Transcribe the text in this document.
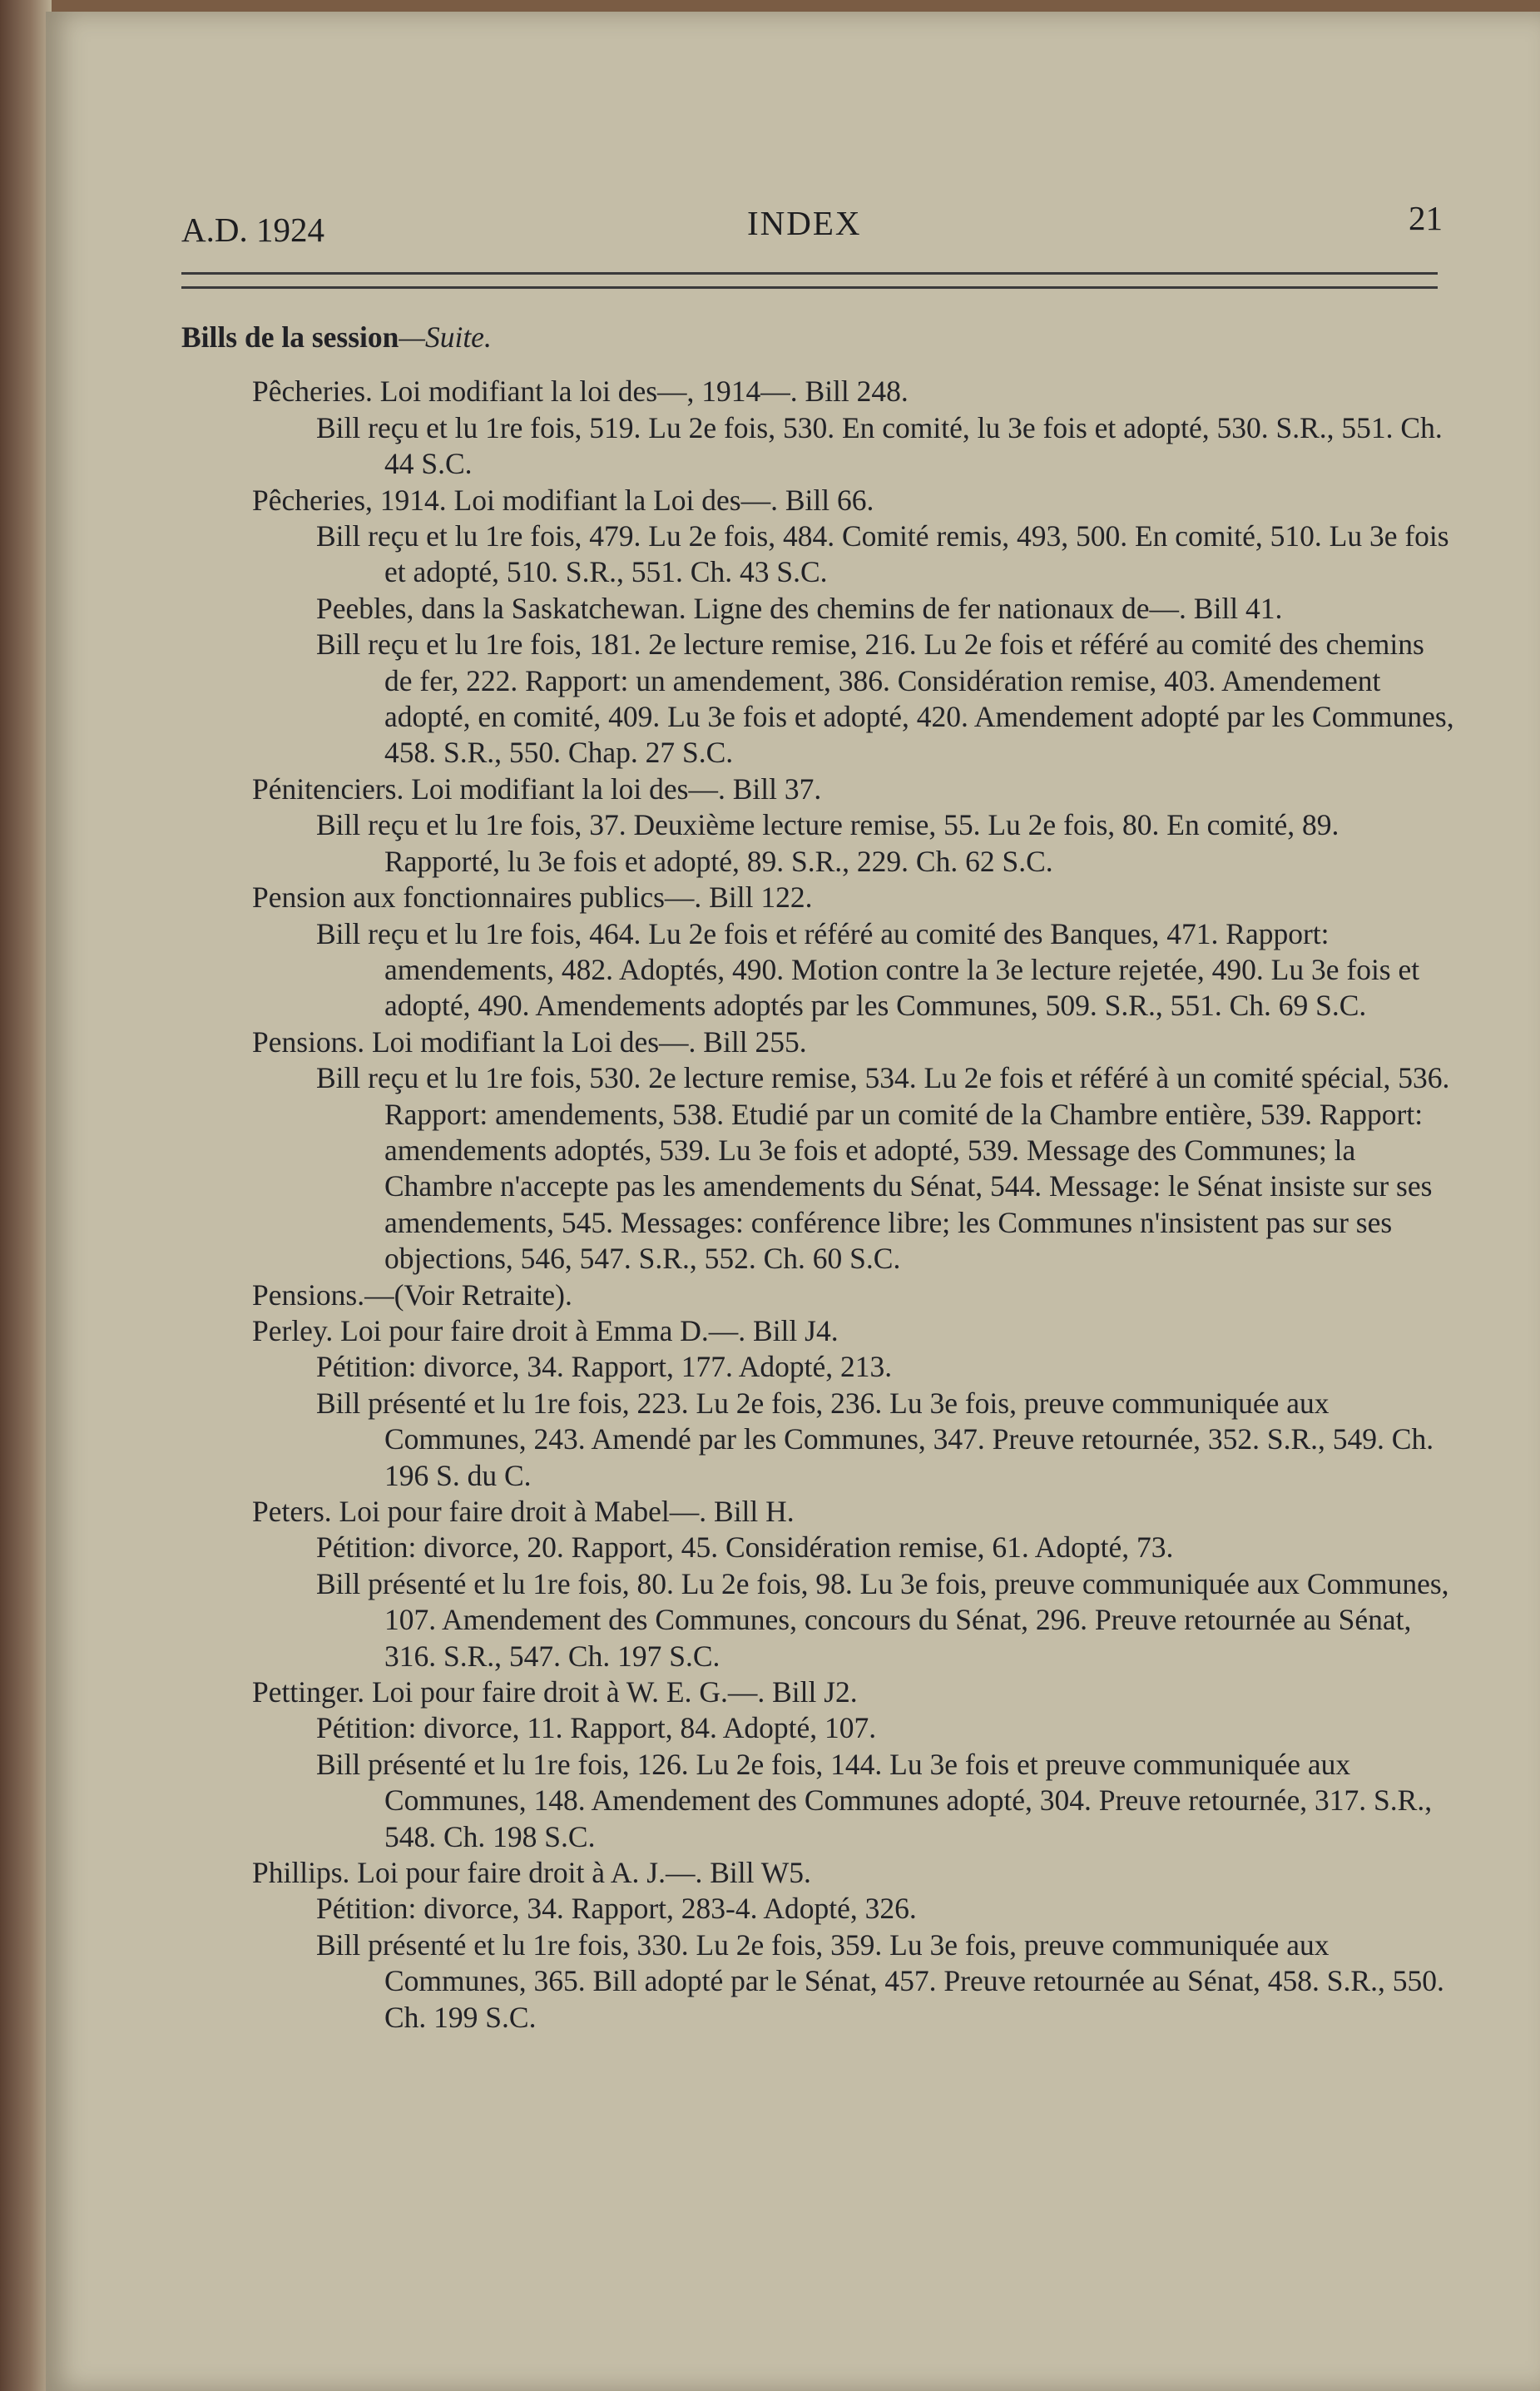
A.D. 1924	INDEX	21
Bills de la session—Suite.
Pêcheries. Loi modifiant la loi des—, 1914—. Bill 248.
Bill reçu et lu 1re fois, 519. Lu 2e fois, 530. En comité, lu 3e fois et adopté, 530. S.R., 551. Ch. 44 S.C.
Pêcheries, 1914. Loi modifiant la Loi des—. Bill 66.
Bill reçu et lu 1re fois, 479. Lu 2e fois, 484. Comité remis, 493, 500. En comité, 510. Lu 3e fois et adopté, 510. S.R., 551. Ch. 43 S.C.
Peebles, dans la Saskatchewan. Ligne des chemins de fer nationaux de—. Bill 41.
Bill reçu et lu 1re fois, 181. 2e lecture remise, 216. Lu 2e fois et référé au comité des chemins de fer, 222. Rapport: un amendement, 386. Considération remise, 403. Amendement adopté, en comité, 409. Lu 3e fois et adopté, 420. Amendement adopté par les Communes, 458. S.R., 550. Chap. 27 S.C.
Pénitenciers. Loi modifiant la loi des—. Bill 37.
Bill reçu et lu 1re fois, 37. Deuxième lecture remise, 55. Lu 2e fois, 80. En comité, 89. Rapporté, lu 3e fois et adopté, 89. S.R., 229. Ch. 62 S.C.
Pension aux fonctionnaires publics—. Bill 122.
Bill reçu et lu 1re fois, 464. Lu 2e fois et référé au comité des Banques, 471. Rapport: amendements, 482. Adoptés, 490. Motion contre la 3e lecture rejetée, 490. Lu 3e fois et adopté, 490. Amendements adoptés par les Communes, 509. S.R., 551. Ch. 69 S.C.
Pensions. Loi modifiant la Loi des—. Bill 255.
Bill reçu et lu 1re fois, 530. 2e lecture remise, 534. Lu 2e fois et référé à un comité spécial, 536. Rapport: amendements, 538. Etudié par un comité de la Chambre entière, 539. Rapport: amendements adoptés, 539. Lu 3e fois et adopté, 539. Message des Communes; la Chambre n'accepte pas les amendements du Sénat, 544. Message: le Sénat insiste sur ses amendements, 545. Messages: conférence libre; les Communes n'insistent pas sur ses objections, 546, 547. S.R., 552. Ch. 60 S.C.
Pensions.—(Voir Retraite).
Perley. Loi pour faire droit à Emma D.—. Bill J4.
Pétition: divorce, 34. Rapport, 177. Adopté, 213.
Bill présenté et lu 1re fois, 223. Lu 2e fois, 236. Lu 3e fois, preuve communiquée aux Communes, 243. Amendé par les Communes, 347. Preuve retournée, 352. S.R., 549. Ch. 196 S. du C.
Peters. Loi pour faire droit à Mabel—. Bill H.
Pétition: divorce, 20. Rapport, 45. Considération remise, 61. Adopté, 73.
Bill présenté et lu 1re fois, 80. Lu 2e fois, 98. Lu 3e fois, preuve communiquée aux Communes, 107. Amendement des Communes, concours du Sénat, 296. Preuve retournée au Sénat, 316. S.R., 547. Ch. 197 S.C.
Pettinger. Loi pour faire droit à W. E. G.—. Bill J2.
Pétition: divorce, 11. Rapport, 84. Adopté, 107.
Bill présenté et lu 1re fois, 126. Lu 2e fois, 144. Lu 3e fois et preuve communiquée aux Communes, 148. Amendement des Communes adopté, 304. Preuve retournée, 317. S.R., 548. Ch. 198 S.C.
Phillips. Loi pour faire droit à A. J.—. Bill W5.
Pétition: divorce, 34. Rapport, 283-4. Adopté, 326.
Bill présenté et lu 1re fois, 330. Lu 2e fois, 359. Lu 3e fois, preuve communiquée aux Communes, 365. Bill adopté par le Sénat, 457. Preuve retournée au Sénat, 458. S.R., 550. Ch. 199 S.C.
